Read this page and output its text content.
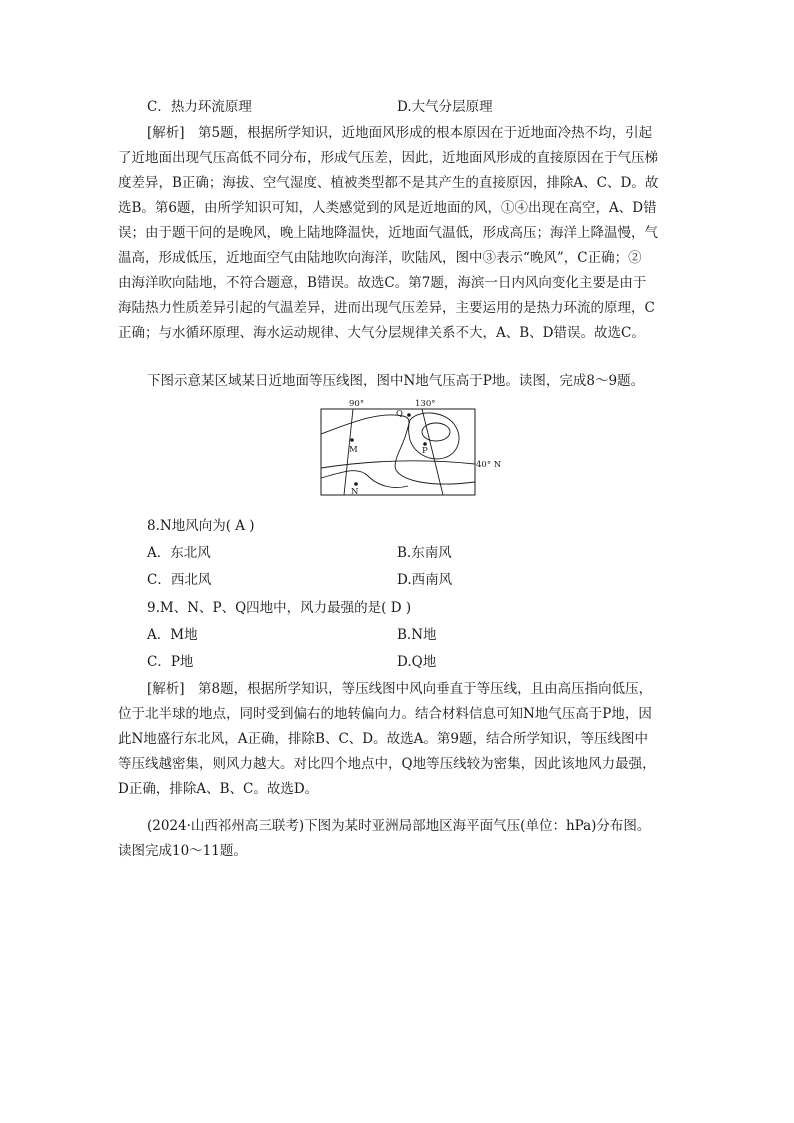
C．热力环流原理	D.大气分层原理
[解析]　第5题，根据所学知识，近地面风形成的根本原因在于近地面冷热不均，引起
了近地面出现气压高低不同分布，形成气压差，因此，近地面风形成的直接原因在于气压梯
度差异，B正确；海拔、空气湿度、植被类型都不是其产生的直接原因，排除A、C、D。故
选B。第6题，由所学知识可知，人类感觉到的风是近地面的风，①④出现在高空，A、D错
误；由于题干问的是晚风，晚上陆地降温快，近地面气温低，形成高压；海洋上降温慢，气
温高，形成低压，近地面空气由陆地吹向海洋，吹陆风，图中③表示“晚风”，C正确；②
由海洋吹向陆地，不符合题意，B错误。故选C。第7题，海滨一日内风向变化主要是由于
海陆热力性质差异引起的气温差异，进而出现气压差异，主要运用的是热力环流的原理，C
正确；与水循环原理、海水运动规律、大气分层规律关系不大，A、B、D错误。故选C。
下图示意某区域某日近地面等压线图，图中N地气压高于P地。读图，完成8～9题。
90°	130°
40° N
Q
M	P
N
8.N地风向为( A )
A．东北风	B.东南风
C．西北风	D.西南风
9.M、N、P、Q四地中，风力最强的是( D )
A．M地	B.N地
C．P地	D.Q地
[解析]　第8题，根据所学知识，等压线图中风向垂直于等压线，且由高压指向低压，
位于北半球的地点，同时受到偏右的地转偏向力。结合材料信息可知N地气压高于P地，因
此N地盛行东北风，A正确，排除B、C、D。故选A。第9题，结合所学知识，等压线图中
等压线越密集，则风力越大。对比四个地点中，Q地等压线较为密集，因此该地风力最强，
D正确，排除A、B、C。故选D。
(2024·山西祁州高三联考)下图为某时亚洲局部地区海平面气压(单位：hPa)分布图。
读图完成10～11题。
